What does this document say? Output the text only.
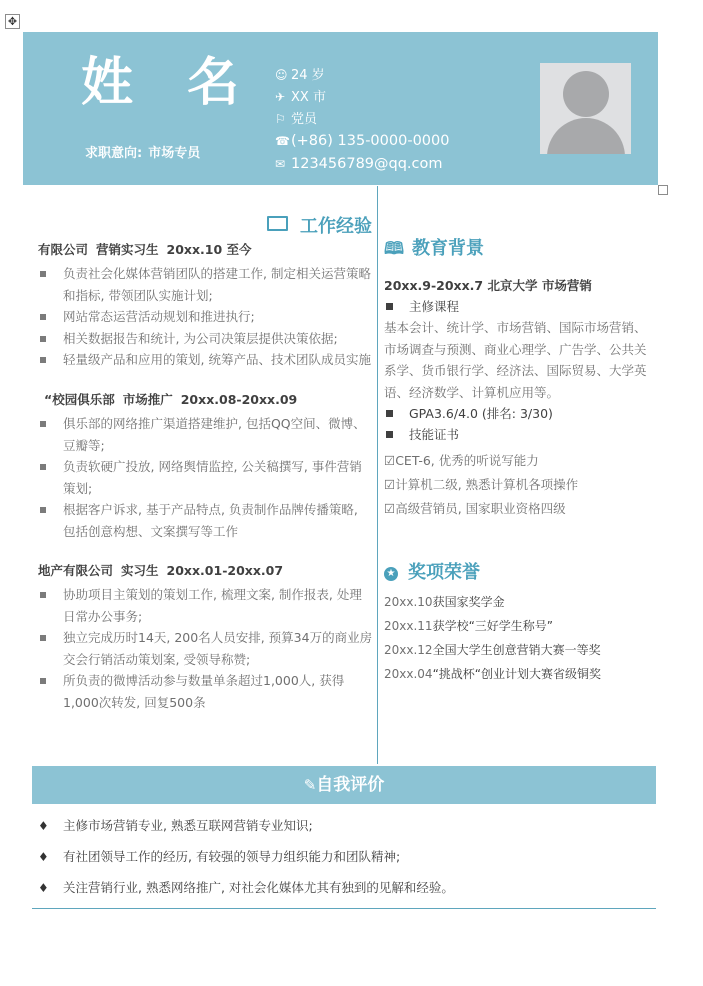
✥
姓 名
求职意向: 市场专员
☺ 24 岁
✈ XX 市
⚐ 党员
☎(+86) 135-0000-0000
✉ 123456789@qq.com
工作经验
有限公司 营销实习生 20xx.10 至今
负责社会化媒体营销团队的搭建工作, 制定相关运营策略和指标, 带领团队实施计划;
网站常态运营活动规划和推进执行;
相关数据报告和统计, 为公司决策层提供决策依据;
轻量级产品和应用的策划, 统筹产品、技术团队成员实施
“校园俱乐部 市场推广 20xx.08-20xx.09
俱乐部的网络推广渠道搭建维护, 包括QQ空间、微博、豆瓣等;
负责软硬广投放, 网络舆情监控, 公关稿撰写, 事件营销策划;
根据客户诉求, 基于产品特点, 负责制作品牌传播策略, 包括创意构想、文案撰写等工作
地产有限公司 实习生 20xx.01-20xx.07
协助项目主策划的策划工作, 梳理文案, 制作报表, 处理日常办公事务;
独立完成历时14天, 200名人员安排, 预算34万的商业房交会行销活动策划案, 受领导称赞;
所负责的微博活动参与数量单条超过1,000人, 获得1,000次转发, 回复500条
🕮 教育背景
20xx.9-20xx.7 北京大学 市场营销
主修课程
基本会计、统计学、市场营销、国际市场营销、市场调查与预测、商业心理学、广告学、公共关系学、货币银行学、经济法、国际贸易、大学英语、经济数学、计算机应用等。
GPA3.6/4.0 (排名: 3/30)
技能证书
☑CET-6, 优秀的听说写能力
☑计算机二级, 熟悉计算机各项操作
☑高级营销员, 国家职业资格四级
★ 奖项荣誉
20xx.10获国家奖学金
20xx.11获学校“三好学生称号”
20xx.12全国大学生创意营销大赛一等奖
20xx.04“挑战杯“创业计划大赛省级铜奖
✎自我评价
♦ 主修市场营销专业, 熟悉互联网营销专业知识;
♦ 有社团领导工作的经历, 有较强的领导力组织能力和团队精神;
♦ 关注营销行业, 熟悉网络推广, 对社会化媒体尤其有独到的见解和经验。
